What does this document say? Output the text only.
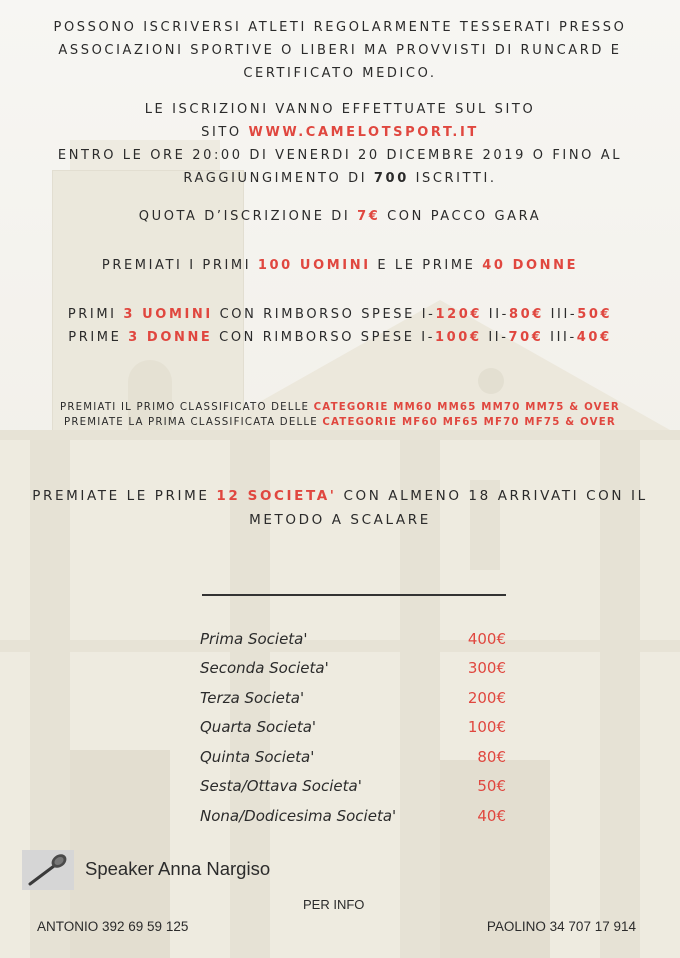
POSSONO ISCRIVERSI ATLETI REGOLARMENTE TESSERATI PRESSO
ASSOCIAZIONI SPORTIVE O LIBERI MA PROVVISTI DI RUNCARD E
CERTIFICATO MEDICO.
LE ISCRIZIONI VANNO EFFETTUATE SUL SITO
SITO WWW.CAMELOTSPORT.IT
ENTRO LE ORE 20:00 DI VENERDI 20 DICEMBRE 2019 O FINO AL
RAGGIUNGIMENTO DI 700 ISCRITTI.
QUOTA D’ISCRIZIONE DI 7€ CON PACCO GARA
PREMIATI I PRIMI 100 UOMINI E LE PRIME 40 DONNE
PRIMI 3 UOMINI CON RIMBORSO SPESE I-120€ II-80€ III-50€
PRIME 3 DONNE CON RIMBORSO SPESE I-100€ II-70€ III-40€
PREMIATI IL PRIMO CLASSIFICATO DELLE CATEGORIE MM60 MM65 MM70 MM75 & OVER
PREMIATE LA PRIMA CLASSIFICATA DELLE CATEGORIE MF60 MF65 MF70 MF75 & OVER
PREMIATE LE PRIME 12 SOCIETA' CON ALMENO 18 ARRIVATI CON IL
METODO A SCALARE
Prima Societa'	400€
Seconda Societa'	300€
Terza Societa'	200€
Quarta Societa'	100€
Quinta Societa'	80€
Sesta/Ottava Societa'	50€
Nona/Dodicesima Societa'	40€
Speaker Anna Nargiso
PER INFO
ANTONIO 392 69 59 125	PAOLINO 34 707 17 914
